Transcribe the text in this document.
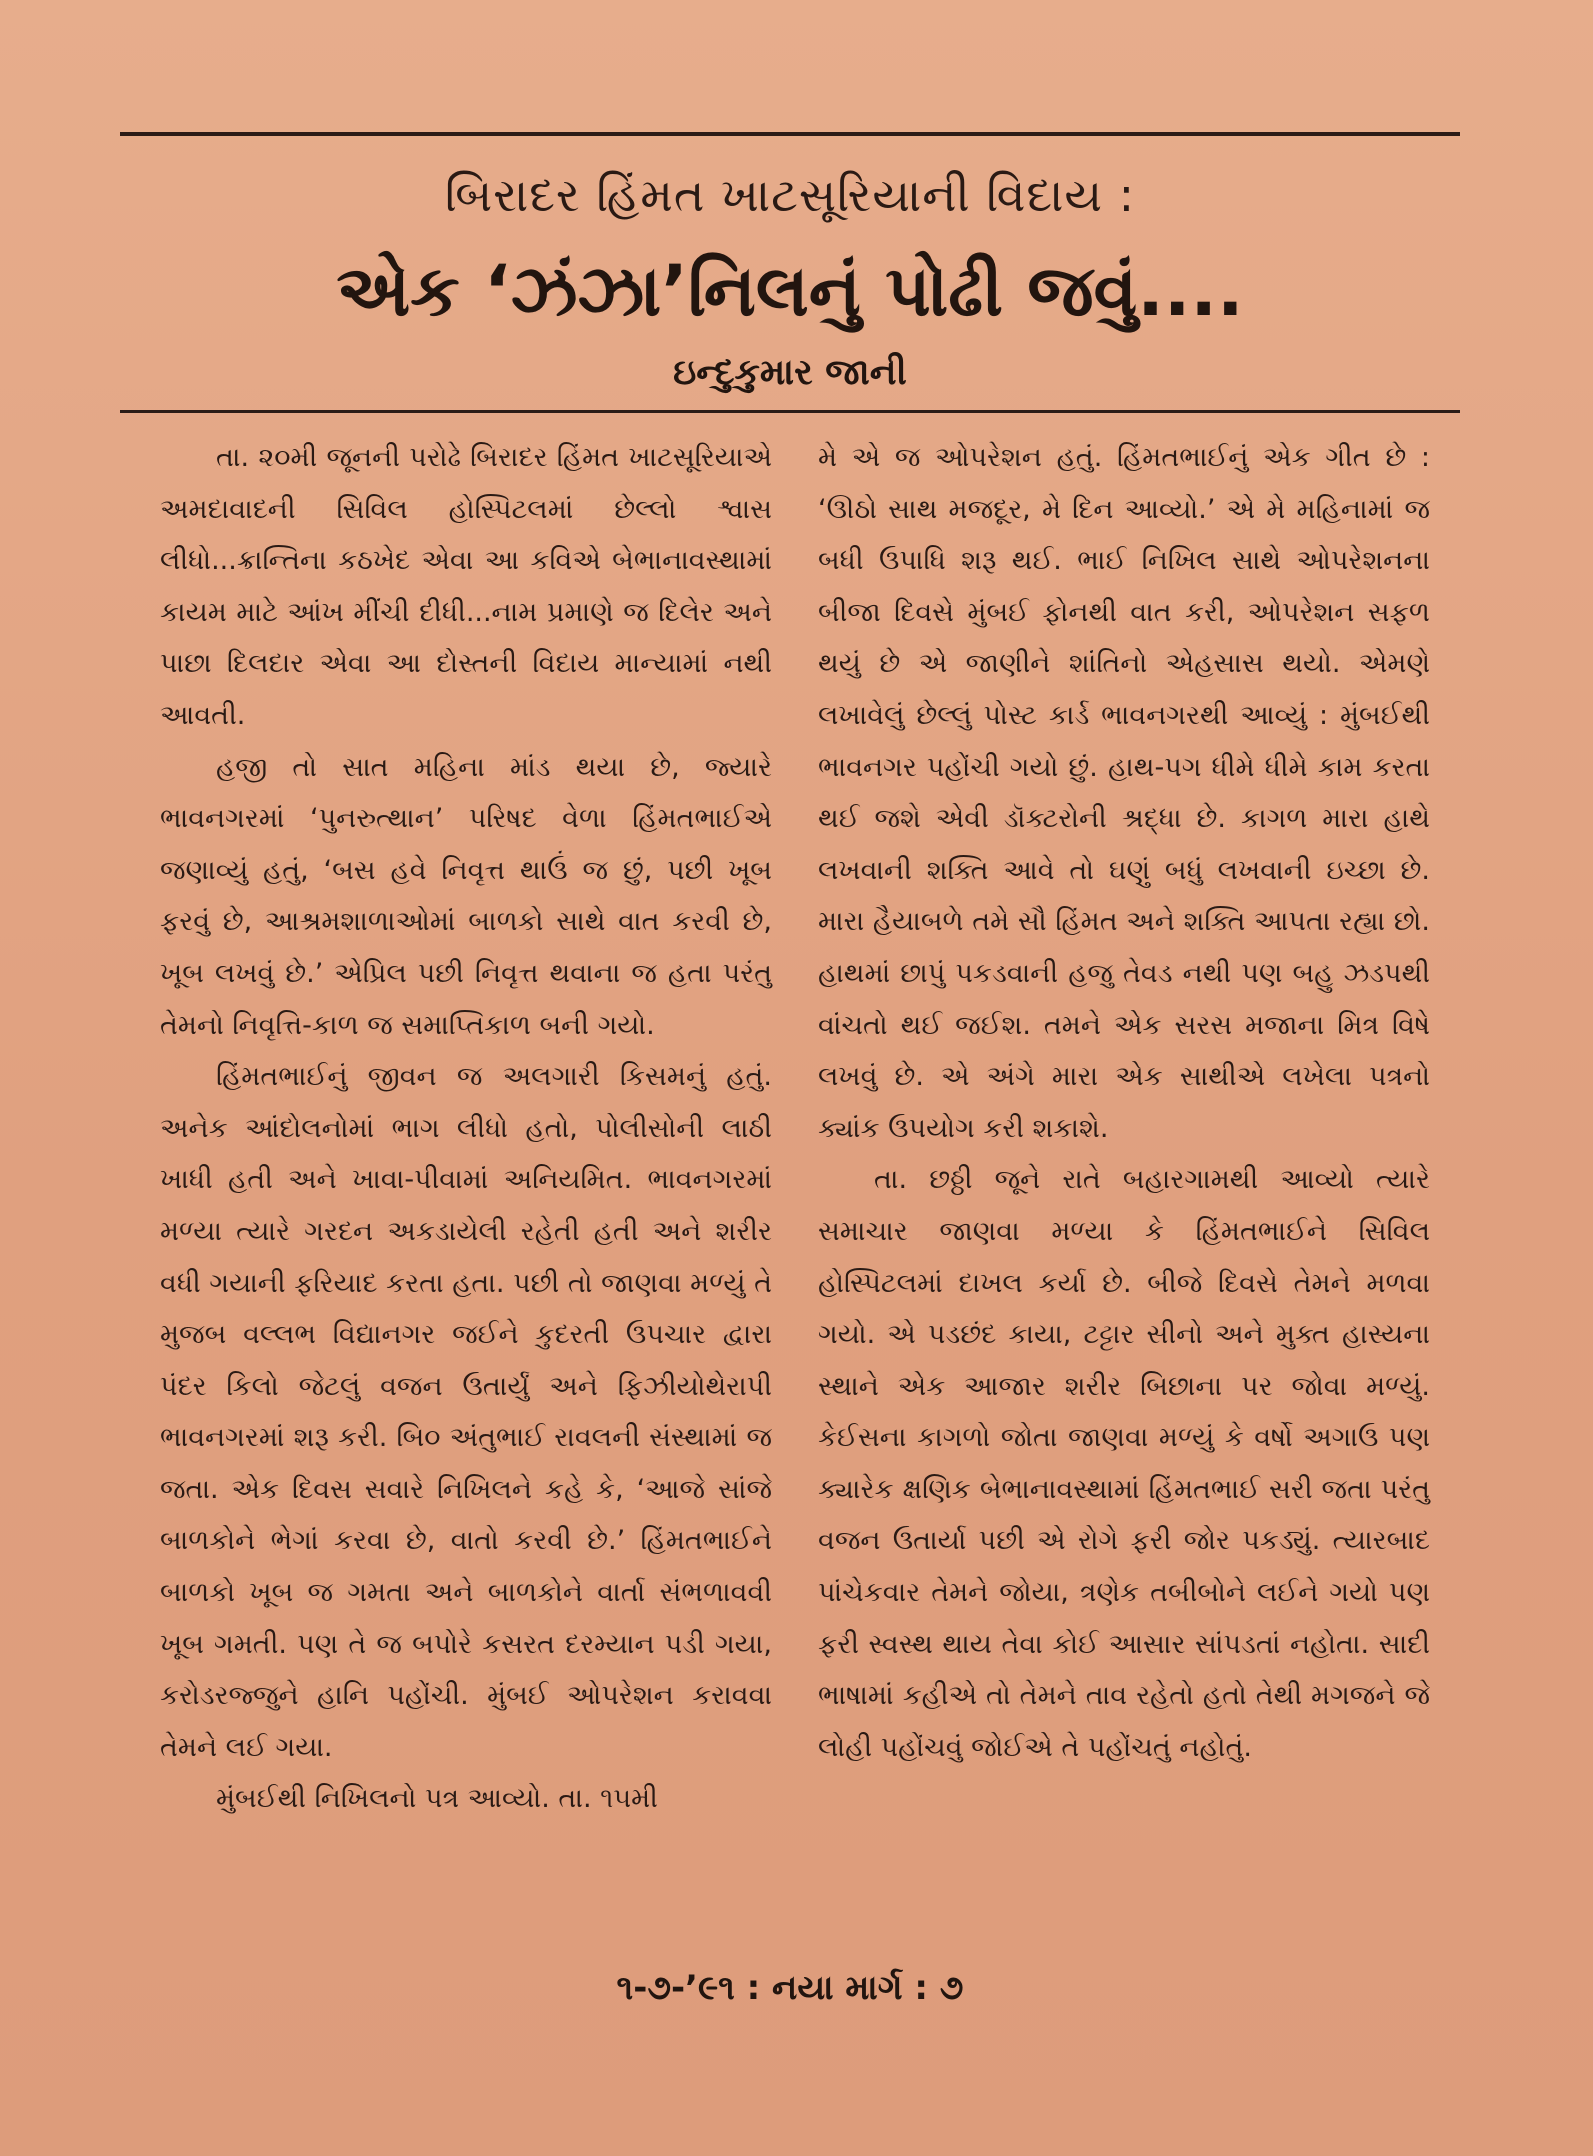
બિરાદર હિંમત ખાટસૂરિયાની વિદાય :
એક ‘ઝંઝા’નિલનું પોઢી જવું....
ઇન્દુકુમાર જાની

તા. ૨૦મી જૂનની પરોઢે બિરાદર હિંમત ખાટસૂરિયાએ અમદાવાદની સિવિલ હોસ્પિટલમાં છેલ્લો શ્વાસ લીધો...ક્રાન્તિના કઠખેદ એવા આ કવિએ બેભાનાવસ્થામાં કાયમ માટે આંખ મીંચી દીધી...નામ પ્રમાણે જ દિલેર અને પાછા દિલદાર એવા આ દોસ્તની વિદાય માન્યામાં નથી આવતી.

હજી તો સાત મહિના માંડ થયા છે, જ્યારે ભાવનગરમાં ‘પુનરુત્થાન’ પરિષદ વેળા હિંમતભાઈએ જણાવ્યું હતું, ‘બસ હવે નિવૃત્ત થાઉં જ છું, પછી ખૂબ ફરવું છે, આશ્રમશાળાઓમાં બાળકો સાથે વાત કરવી છે, ખૂબ લખવું છે.’ એપ્રિલ પછી નિવૃત્ત થવાના જ હતા પરંતુ તેમનો નિવૃત્તિ-કાળ જ સમાપ્તિકાળ બની ગયો.

હિંમતભાઈનું જીવન જ અલગારી કિસમનું હતું. અનેક આંદોલનોમાં ભાગ લીધો હતો, પોલીસોની લાઠી ખાધી હતી અને ખાવા-પીવામાં અનિયમિત. ભાવનગરમાં મળ્યા ત્યારે ગરદન અકડાયેલી રહેતી હતી અને શરીર વધી ગયાની ફરિયાદ કરતા હતા. પછી તો જાણવા મળ્યું તે મુજબ વલ્લભ વિદ્યાનગર જઈને કુદરતી ઉપચાર દ્વારા પંદર કિલો જેટલું વજન ઉતાર્યું અને ફિઝીયોથેરાપી ભાવનગરમાં શરૂ કરી. બિ૦ અંતુભાઈ રાવલની સંસ્થામાં જ જતા. એક દિવસ સવારે નિખિલને કહે કે, ‘આજે સાંજે બાળકોને ભેગાં કરવા છે, વાતો કરવી છે.’ હિંમતભાઈને બાળકો ખૂબ જ ગમતા અને બાળકોને વાર્તા સંભળાવવી ખૂબ ગમતી. પણ તે જ બપોરે કસરત દરમ્યાન પડી ગયા, કરોડરજ્જુને હાનિ પહોંચી. મુંબઈ ઓપરેશન કરાવવા તેમને લઈ ગયા.

મુંબઈથી નિખિલનો પત્ર આવ્યો. તા. ૧૫મી

મે એ જ ઓપરેશન હતું. હિંમતભાઈનું એક ગીત છે : ‘ઊઠો સાથ મજદૂર, મે દિન આવ્યો.’ એ મે મહિનામાં જ બધી ઉપાધિ શરૂ થઈ. ભાઈ નિખિલ સાથે ઓપરેશનના બીજા દિવસે મુંબઈ ફોનથી વાત કરી, ઓપરેશન સફળ થયું છે એ જાણીને શાંતિનો એહસાસ થયો. એમણે લખાવેલું છેલ્લું પોસ્ટ કાર્ડ ભાવનગરથી આવ્યું : મુંબઈથી ભાવનગર પહોંચી ગયો છું. હાથ-પગ ધીમે ધીમે કામ કરતા થઈ જશે એવી ડૉક્ટરોની શ્રદ્ધા છે. કાગળ મારા હાથે લખવાની શક્તિ આવે તો ઘણું બધું લખવાની ઇચ્છા છે. મારા હૈયાબળે તમે સૌ હિંમત અને શક્તિ આપતા રહ્યા છો. હાથમાં છાપું પકડવાની હજુ તેવડ નથી પણ બહુ ઝડપથી વાંચતો થઈ જઈશ. તમને એક સરસ મજાના મિત્ર વિષે લખવું છે. એ અંગે મારા એક સાથીએ લખેલા પત્રનો ક્યાંક ઉપયોગ કરી શકાશે.

તા. છઠ્ઠી જૂને રાતે બહારગામથી આવ્યો ત્યારે સમાચાર જાણવા મળ્યા કે હિંમતભાઈને સિવિલ હોસ્પિટલમાં દાખલ કર્યા છે. બીજે દિવસે તેમને મળવા ગયો. એ પડછંદ કાયા, ટટ્ટાર સીનો અને મુક્ત હાસ્યના સ્થાને એક આજાર શરીર બિછાના પર જોવા મળ્યું. કેઈસના કાગળો જોતા જાણવા મળ્યું કે વર્ષો અગાઉ પણ ક્યારેક ક્ષણિક બેભાનાવસ્થામાં હિંમતભાઈ સરી જતા પરંતુ વજન ઉતાર્યા પછી એ રોગે ફરી જોર પકડ્યું. ત્યારબાદ પાંચેકવાર તેમને જોયા, ત્રણેક તબીબોને લઈને ગયો પણ ફરી સ્વસ્થ થાય તેવા કોઈ આસાર સાંપડતાં નહોતા. સાદી ભાષામાં કહીએ તો તેમને તાવ રહેતો હતો તેથી મગજને જે લોહી પહોંચવું જોઈએ તે પહોંચતું નહોતું.

૧-૭-’૯૧ : નયા માર્ગ : ૭
